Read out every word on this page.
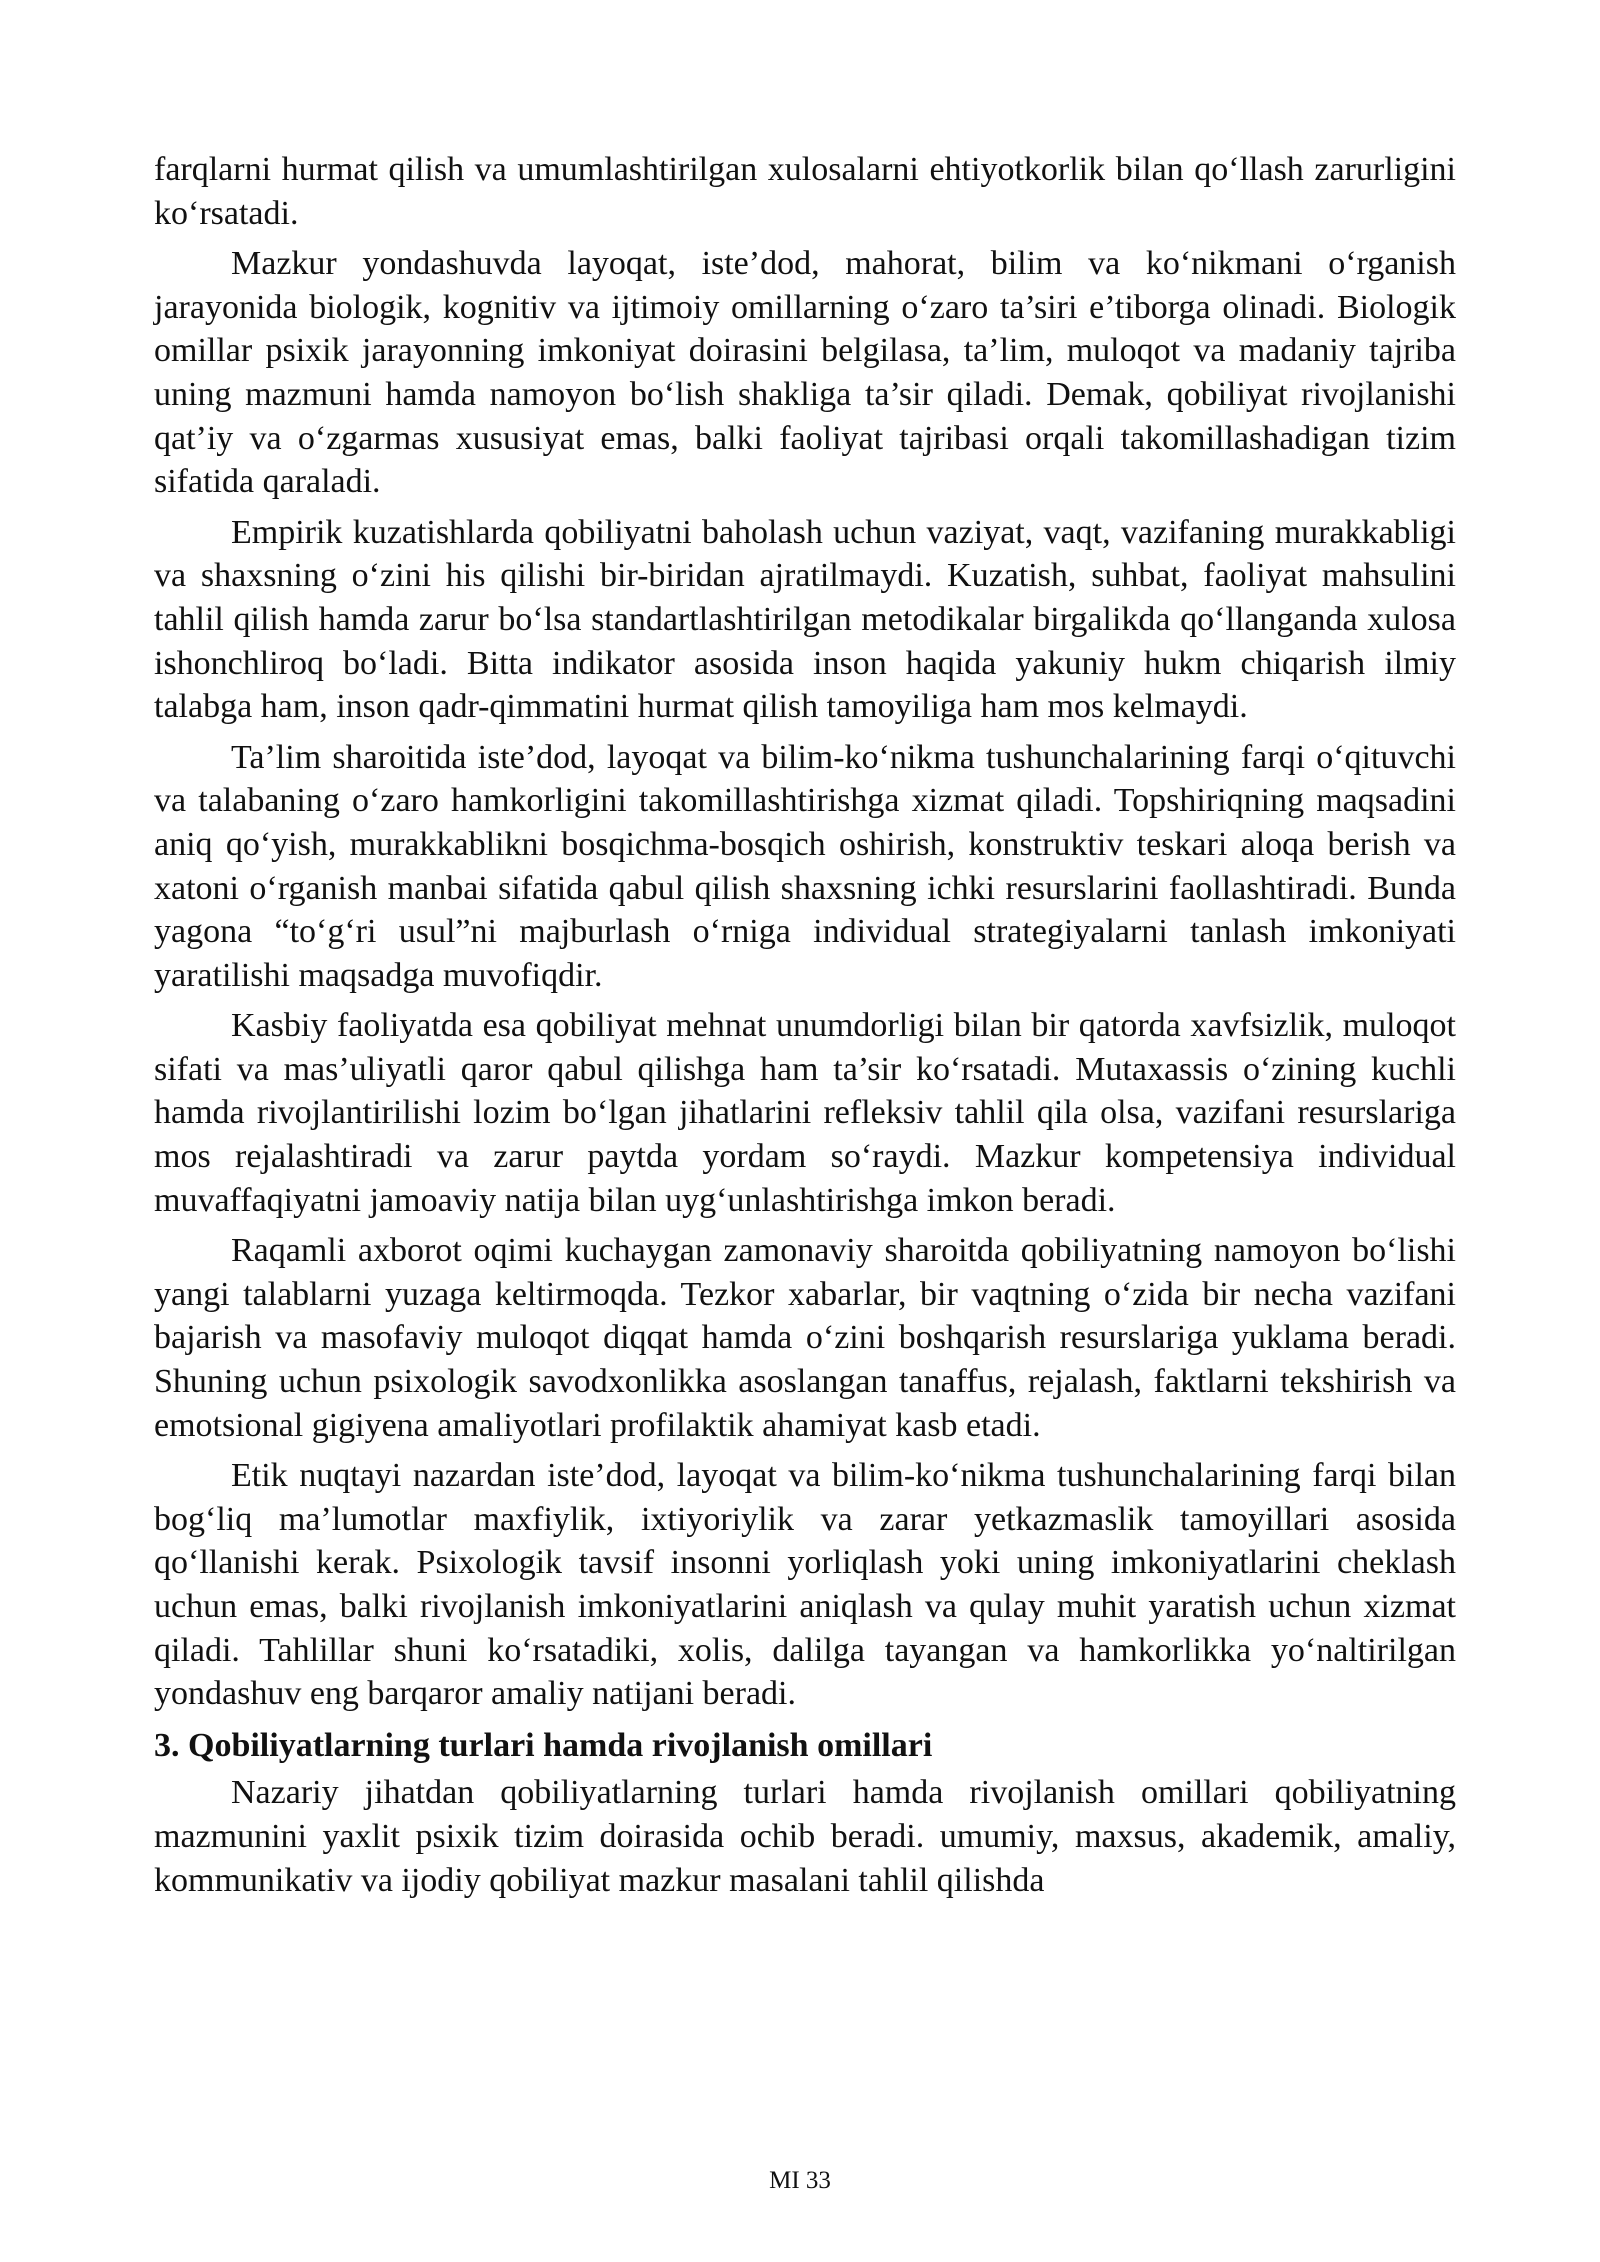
farqlarni hurmat qilish va umumlashtirilgan xulosalarni ehtiyotkorlik bilan qo‘llash zarurligini ko‘rsatadi.

Mazkur yondashuvda layoqat, iste’dod, mahorat, bilim va ko‘nikmani o‘rganish jarayonida biologik, kognitiv va ijtimoiy omillarning o‘zaro ta’siri e’tiborga olinadi. Biologik omillar psixik jarayonning imkoniyat doirasini belgilasa, ta’lim, muloqot va madaniy tajriba uning mazmuni hamda namoyon bo‘lish shakliga ta’sir qiladi. Demak, qobiliyat rivojlanishi qat’iy va o‘zgarmas xususiyat emas, balki faoliyat tajribasi orqali takomillashadigan tizim sifatida qaraladi.

Empirik kuzatishlarda qobiliyatni baholash uchun vaziyat, vaqt, vazifaning murakkabligi va shaxsning o‘zini his qilishi bir-biridan ajratilmaydi. Kuzatish, suhbat, faoliyat mahsulini tahlil qilish hamda zarur bo‘lsa standartlashtirilgan metodikalar birgalikda qo‘llanganda xulosa ishonchliroq bo‘ladi. Bitta indikator asosida inson haqida yakuniy hukm chiqarish ilmiy talabga ham, inson qadr-qimmatini hurmat qilish tamoyiliga ham mos kelmaydi.

Ta’lim sharoitida iste’dod, layoqat va bilim-ko‘nikma tushunchalarining farqi o‘qituvchi va talabaning o‘zaro hamkorligini takomillashtirishga xizmat qiladi. Topshiriqning maqsadini aniq qo‘yish, murakkablikni bosqichma-bosqich oshirish, konstruktiv teskari aloqa berish va xatoni o‘rganish manbai sifatida qabul qilish shaxsning ichki resurslarini faollashtiradi. Bunda yagona “to‘g‘ri usul”ni majburlash o‘rniga individual strategiyalarni tanlash imkoniyati yaratilishi maqsadga muvofiqdir.

Kasbiy faoliyatda esa qobiliyat mehnat unumdorligi bilan bir qatorda xavfsizlik, muloqot sifati va mas’uliyatli qaror qabul qilishga ham ta’sir ko‘rsatadi. Mutaxassis o‘zining kuchli hamda rivojlantirilishi lozim bo‘lgan jihatlarini refleksiv tahlil qila olsa, vazifani resurslariga mos rejalashtiradi va zarur paytda yordam so‘raydi. Mazkur kompetensiya individual muvaffaqiyatni jamoaviy natija bilan uyg‘unlashtirishga imkon beradi.

Raqamli axborot oqimi kuchaygan zamonaviy sharoitda qobiliyatning namoyon bo‘lishi yangi talablarni yuzaga keltirmoqda. Tezkor xabarlar, bir vaqtning o‘zida bir necha vazifani bajarish va masofaviy muloqot diqqat hamda o‘zini boshqarish resurslariga yuklama beradi. Shuning uchun psixologik savodxonlikka asoslangan tanaffus, rejalash, faktlarni tekshirish va emotsional gigiyena amaliyotlari profilaktik ahamiyat kasb etadi.

Etik nuqtayi nazardan iste’dod, layoqat va bilim-ko‘nikma tushunchalarining farqi bilan bog‘liq ma’lumotlar maxfiylik, ixtiyoriylik va zarar yetkazmaslik tamoyillari asosida qo‘llanishi kerak. Psixologik tavsif insonni yorliqlash yoki uning imkoniyatlarini cheklash uchun emas, balki rivojlanish imkoniyatlarini aniqlash va qulay muhit yaratish uchun xizmat qiladi. Tahlillar shuni ko‘rsatadiki, xolis, dalilga tayangan va hamkorlikka yo‘naltirilgan yondashuv eng barqaror amaliy natijani beradi.

3. Qobiliyatlarning turlari hamda rivojlanish omillari

Nazariy jihatdan qobiliyatlarning turlari hamda rivojlanish omillari qobiliyatning mazmunini yaxlit psixik tizim doirasida ochib beradi. umumiy, maxsus, akademik, amaliy, kommunikativ va ijodiy qobiliyat mazkur masalani tahlil qilishda

MI 33
